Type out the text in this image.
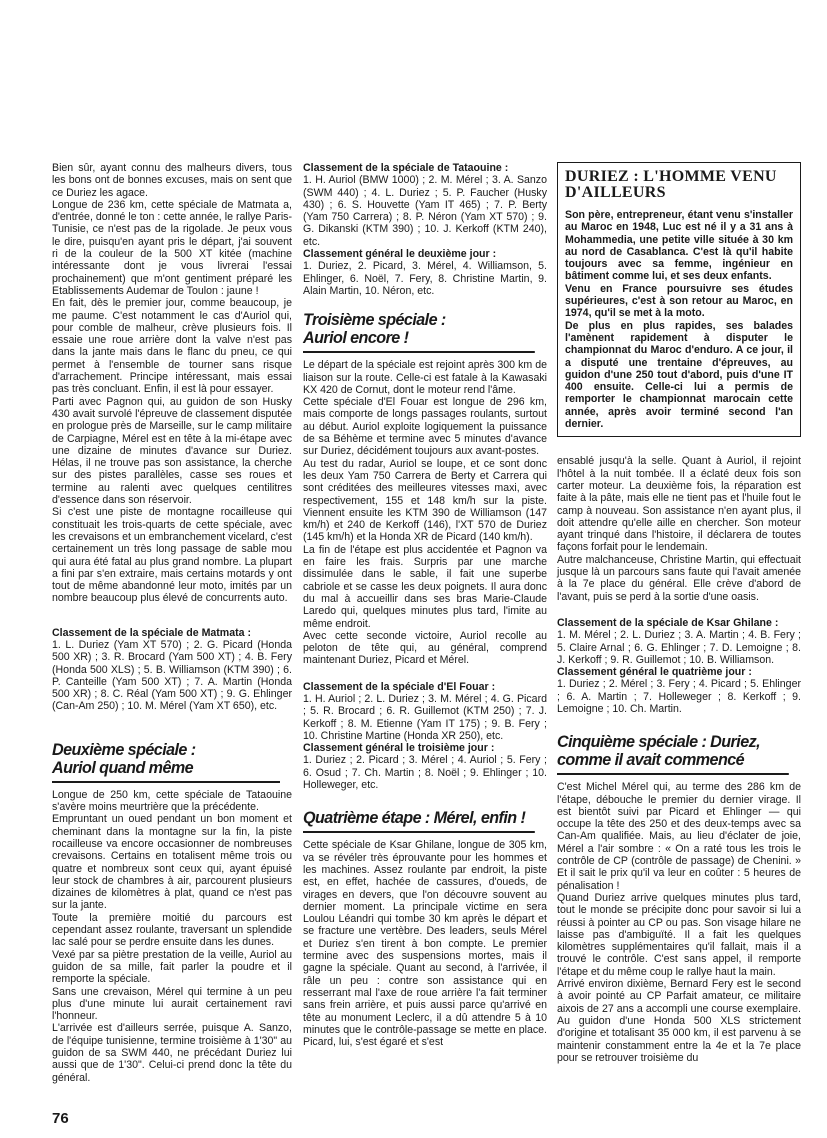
Bien sûr, ayant connu des malheurs divers, tous les bons ont de bonnes excuses, mais on sent que ce Duriez les agace.

Longue de 236 km, cette spéciale de Matmata a, d'entrée, donné le ton : cette année, le rallye Paris-Tunisie, ce n'est pas de la rigolade. Je peux vous le dire, puisqu'en ayant pris le départ, j'ai souvent ri de la couleur de la 500 XT kitée (machine intéressante dont je vous livrerai l'essai prochainement) que m'ont gentiment préparé les Etablissements Audemar de Toulon : jaune !

En fait, dès le premier jour, comme beaucoup, je me paume. C'est notamment le cas d'Auriol qui, pour comble de malheur, crève plusieurs fois. Il essaie une roue arrière dont la valve n'est pas dans la jante mais dans le flanc du pneu, ce qui permet à l'ensemble de tourner sans risque d'arrachement. Principe intéressant, mais essai pas très concluant. Enfin, il est là pour essayer.

Parti avec Pagnon qui, au guidon de son Husky 430 avait survolé l'épreuve de classement disputée en prologue près de Marseille, sur le camp militaire de Carpiagne, Mérel est en tête à la mi-étape avec une dizaine de minutes d'avance sur Duriez. Hélas, il ne trouve pas son assistance, la cherche sur des pistes parallèles, casse ses roues et termine au ralenti avec quelques centilitres d'essence dans son réservoir.

Si c'est une piste de montagne rocailleuse qui constituait les trois-quarts de cette spéciale, avec les crevaisons et un embranchement vicelard, c'est certainement un très long passage de sable mou qui aura été fatal au plus grand nombre. La plupart a fini par s'en extraire, mais certains motards y ont tout de même abandonné leur moto, imités par un nombre beaucoup plus élevé de concurrents auto.

Classement de la spéciale de Matmata :

1. L. Duriez (Yam XT 570) ; 2. G. Picard (Honda 500 XR) ; 3. R. Brocard (Yam 500 XT) ; 4. B. Fery (Honda 500 XLS) ; 5. B. Williamson (KTM 390) ; 6. P. Canteille (Yam 500 XT) ; 7. A. Martin (Honda 500 XR) ; 8. C. Réal (Yam 500 XT) ; 9. G. Ehlinger (Can-Am 250) ; 10. M. Mérel (Yam XT 650), etc.

Deuxième spéciale :
Auriol quand même

Longue de 250 km, cette spéciale de Tataouine s'avère moins meurtrière que la précédente.

Empruntant un oued pendant un bon moment et cheminant dans la montagne sur la fin, la piste rocailleuse va encore occasionner de nombreuses crevaisons. Certains en totalisent même trois ou quatre et nombreux sont ceux qui, ayant épuisé leur stock de chambres à air, parcourent plusieurs dizaines de kilomètres à plat, quand ce n'est pas sur la jante.

Toute la première moitié du parcours est cependant assez roulante, traversant un splendide lac salé pour se perdre ensuite dans les dunes.

Vexé par sa piètre prestation de la veille, Auriol au guidon de sa mille, fait parler la poudre et il remporte la spéciale.

Sans une crevaison, Mérel qui termine à un peu plus d'une minute lui aurait certainement ravi l'honneur.

L'arrivée est d'ailleurs serrée, puisque A. Sanzo, de l'équipe tunisienne, termine troisième à 1'30" au guidon de sa SWM 440, ne précédant Duriez lui aussi que de 1'30". Celui-ci prend donc la tête du général.

Classement de la spéciale de Tataouine :

1. H. Auriol (BMW 1000) ; 2. M. Mérel ; 3. A. Sanzo (SWM 440) ; 4. L. Duriez ; 5. P. Faucher (Husky 430) ; 6. S. Houvette (Yam IT 465) ; 7. P. Berty (Yam 750 Carrera) ; 8. P. Néron (Yam XT 570) ; 9. G. Dikanski (KTM 390) ; 10. J. Kerkoff (KTM 240), etc.

Classement général le deuxième jour :

1. Duriez, 2. Picard, 3. Mérel, 4. Williamson, 5. Ehlinger, 6. Noël, 7. Fery, 8. Christine Martin, 9. Alain Martin, 10. Néron, etc.

Troisième spéciale :
Auriol encore !

Le départ de la spéciale est rejoint après 300 km de liaison sur la route. Celle-ci est fatale à la Kawasaki KX 420 de Cornut, dont le moteur rend l'âme.

Cette spéciale d'El Fouar est longue de 296 km, mais comporte de longs passages roulants, surtout au début. Auriol exploite logiquement la puissance de sa Béhème et termine avec 5 minutes d'avance sur Duriez, décidément toujours aux avant-postes.

Au test du radar, Auriol se loupe, et ce sont donc les deux Yam 750 Carrera de Berty et Carrera qui sont créditées des meilleures vitesses maxi, avec respectivement, 155 et 148 km/h sur la piste. Viennent ensuite les KTM 390 de Williamson (147 km/h) et 240 de Kerkoff (146), l'XT 570 de Duriez (145 km/h) et la Honda XR de Picard (140 km/h).

La fin de l'étape est plus accidentée et Pagnon va en faire les frais. Surpris par une marche dissimulée dans le sable, il fait une superbe cabriole et se casse les deux poignets. Il aura donc du mal à accueillir dans ses bras Marie-Claude Laredo qui, quelques minutes plus tard, l'imite au même endroit.

Avec cette seconde victoire, Auriol recolle au peloton de tête qui, au général, comprend maintenant Duriez, Picard et Mérel.

Classement de la spéciale d'El Fouar :

1. H. Auriol ; 2. L. Duriez ; 3. M. Mérel ; 4. G. Picard ; 5. R. Brocard ; 6. R. Guillemot (KTM 250) ; 7. J. Kerkoff ; 8. M. Etienne (Yam IT 175) ; 9. B. Fery ; 10. Christine Martine (Honda XR 250), etc.

Classement général le troisième jour :

1. Duriez ; 2. Picard ; 3. Mérel ; 4. Auriol ; 5. Fery ; 6. Osud ; 7. Ch. Martin ; 8. Noël ; 9. Ehlinger ; 10. Holleweger, etc.

Quatrième étape : Mérel, enfin !

Cette spéciale de Ksar Ghilane, longue de 305 km, va se révéler très éprouvante pour les hommes et les machines. Assez roulante par endroit, la piste est, en effet, hachée de cassures, d'oueds, de virages en devers, que l'on découvre souvent au dernier moment. La principale victime en sera Loulou Léandri qui tombe 30 km après le départ et se fracture une vertèbre. Des leaders, seuls Mérel et Duriez s'en tirent à bon compte. Le premier termine avec des suspensions mortes, mais il gagne la spéciale. Quant au second, à l'arrivée, il râle un peu : contre son assistance qui en resserrant mal l'axe de roue arrière l'a fait terminer sans frein arrière, et puis aussi parce qu'arrivé en tête au monument Leclerc, il a dû attendre 5 à 10 minutes que le contrôle-passage se mette en place. Picard, lui, s'est égaré et s'est

DURIEZ : L'HOMME VENU
D'AILLEURS

Son père, entrepreneur, étant venu s'installer au Maroc en 1948, Luc est né il y a 31 ans à Mohammedia, une petite ville située à 30 km au nord de Casablanca. C'est là qu'il habite toujours avec sa femme, ingénieur en bâtiment comme lui, et ses deux enfants.

Venu en France poursuivre ses études supérieures, c'est à son retour au Maroc, en 1974, qu'il se met à la moto.

De plus en plus rapides, ses balades l'amènent rapidement à disputer le championnat du Maroc d'enduro. A ce jour, il a disputé une trentaine d'épreuves, au guidon d'une 250 tout d'abord, puis d'une IT 400 ensuite. Celle-ci lui a permis de remporter le championnat marocain cette année, après avoir terminé second l'an dernier.

ensablé jusqu'à la selle. Quant à Auriol, il rejoint l'hôtel à la nuit tombée. Il a éclaté deux fois son carter moteur. La deuxième fois, la réparation est faite à la pâte, mais elle ne tient pas et l'huile fout le camp à nouveau. Son assistance n'en ayant plus, il doit attendre qu'elle aille en chercher. Son moteur ayant trinqué dans l'histoire, il déclarera de toutes façons forfait pour le lendemain.

Autre malchanceuse, Christine Martin, qui effectuait jusque là un parcours sans faute qui l'avait amenée à la 7e place du général. Elle crève d'abord de l'avant, puis se perd à la sortie d'une oasis.

Classement de la spéciale de Ksar Ghilane :

1. M. Mérel ; 2. L. Duriez ; 3. A. Martin ; 4. B. Fery ; 5. Claire Arnal ; 6. G. Ehlinger ; 7. D. Lemoigne ; 8. J. Kerkoff ; 9. R. Guillemot ; 10. B. Williamson.

Classement général le quatrième jour :

1. Duriez ; 2. Mérel ; 3. Fery ; 4. Picard ; 5. Ehlinger ; 6. A. Martin ; 7. Holleweger ; 8. Kerkoff ; 9. Lemoigne ; 10. Ch. Martin.

Cinquième spéciale : Duriez,
comme il avait commencé

C'est Michel Mérel qui, au terme des 286 km de l'étape, débouche le premier du dernier virage. Il est bientôt suivi par Picard et Ehlinger — qui occupe la tête des 250 et des deux-temps avec sa Can-Am qualifiée. Mais, au lieu d'éclater de joie, Mérel a l'air sombre : « On a raté tous les trois le contrôle de CP (contrôle de passage) de Chenini. » Et il sait le prix qu'il va leur en coûter : 5 heures de pénalisation !

Quand Duriez arrive quelques minutes plus tard, tout le monde se précipite donc pour savoir si lui a réussi à pointer au CP ou pas. Son visage hilare ne laisse pas d'ambiguïté. Il a fait les quelques kilomètres supplémentaires qu'il fallait, mais il a trouvé le contrôle. C'est sans appel, il remporte l'étape et du même coup le rallye haut la main.

Arrivé environ dixième, Bernard Fery est le second à avoir pointé au CP Parfait amateur, ce militaire aixois de 27 ans a accompli une course exemplaire. Au guidon d'une Honda 500 XLS strictement d'origine et totalisant 35 000 km, il est parvenu à se maintenir constamment entre la 4e et la 7e place pour se retrouver troisième du

76
